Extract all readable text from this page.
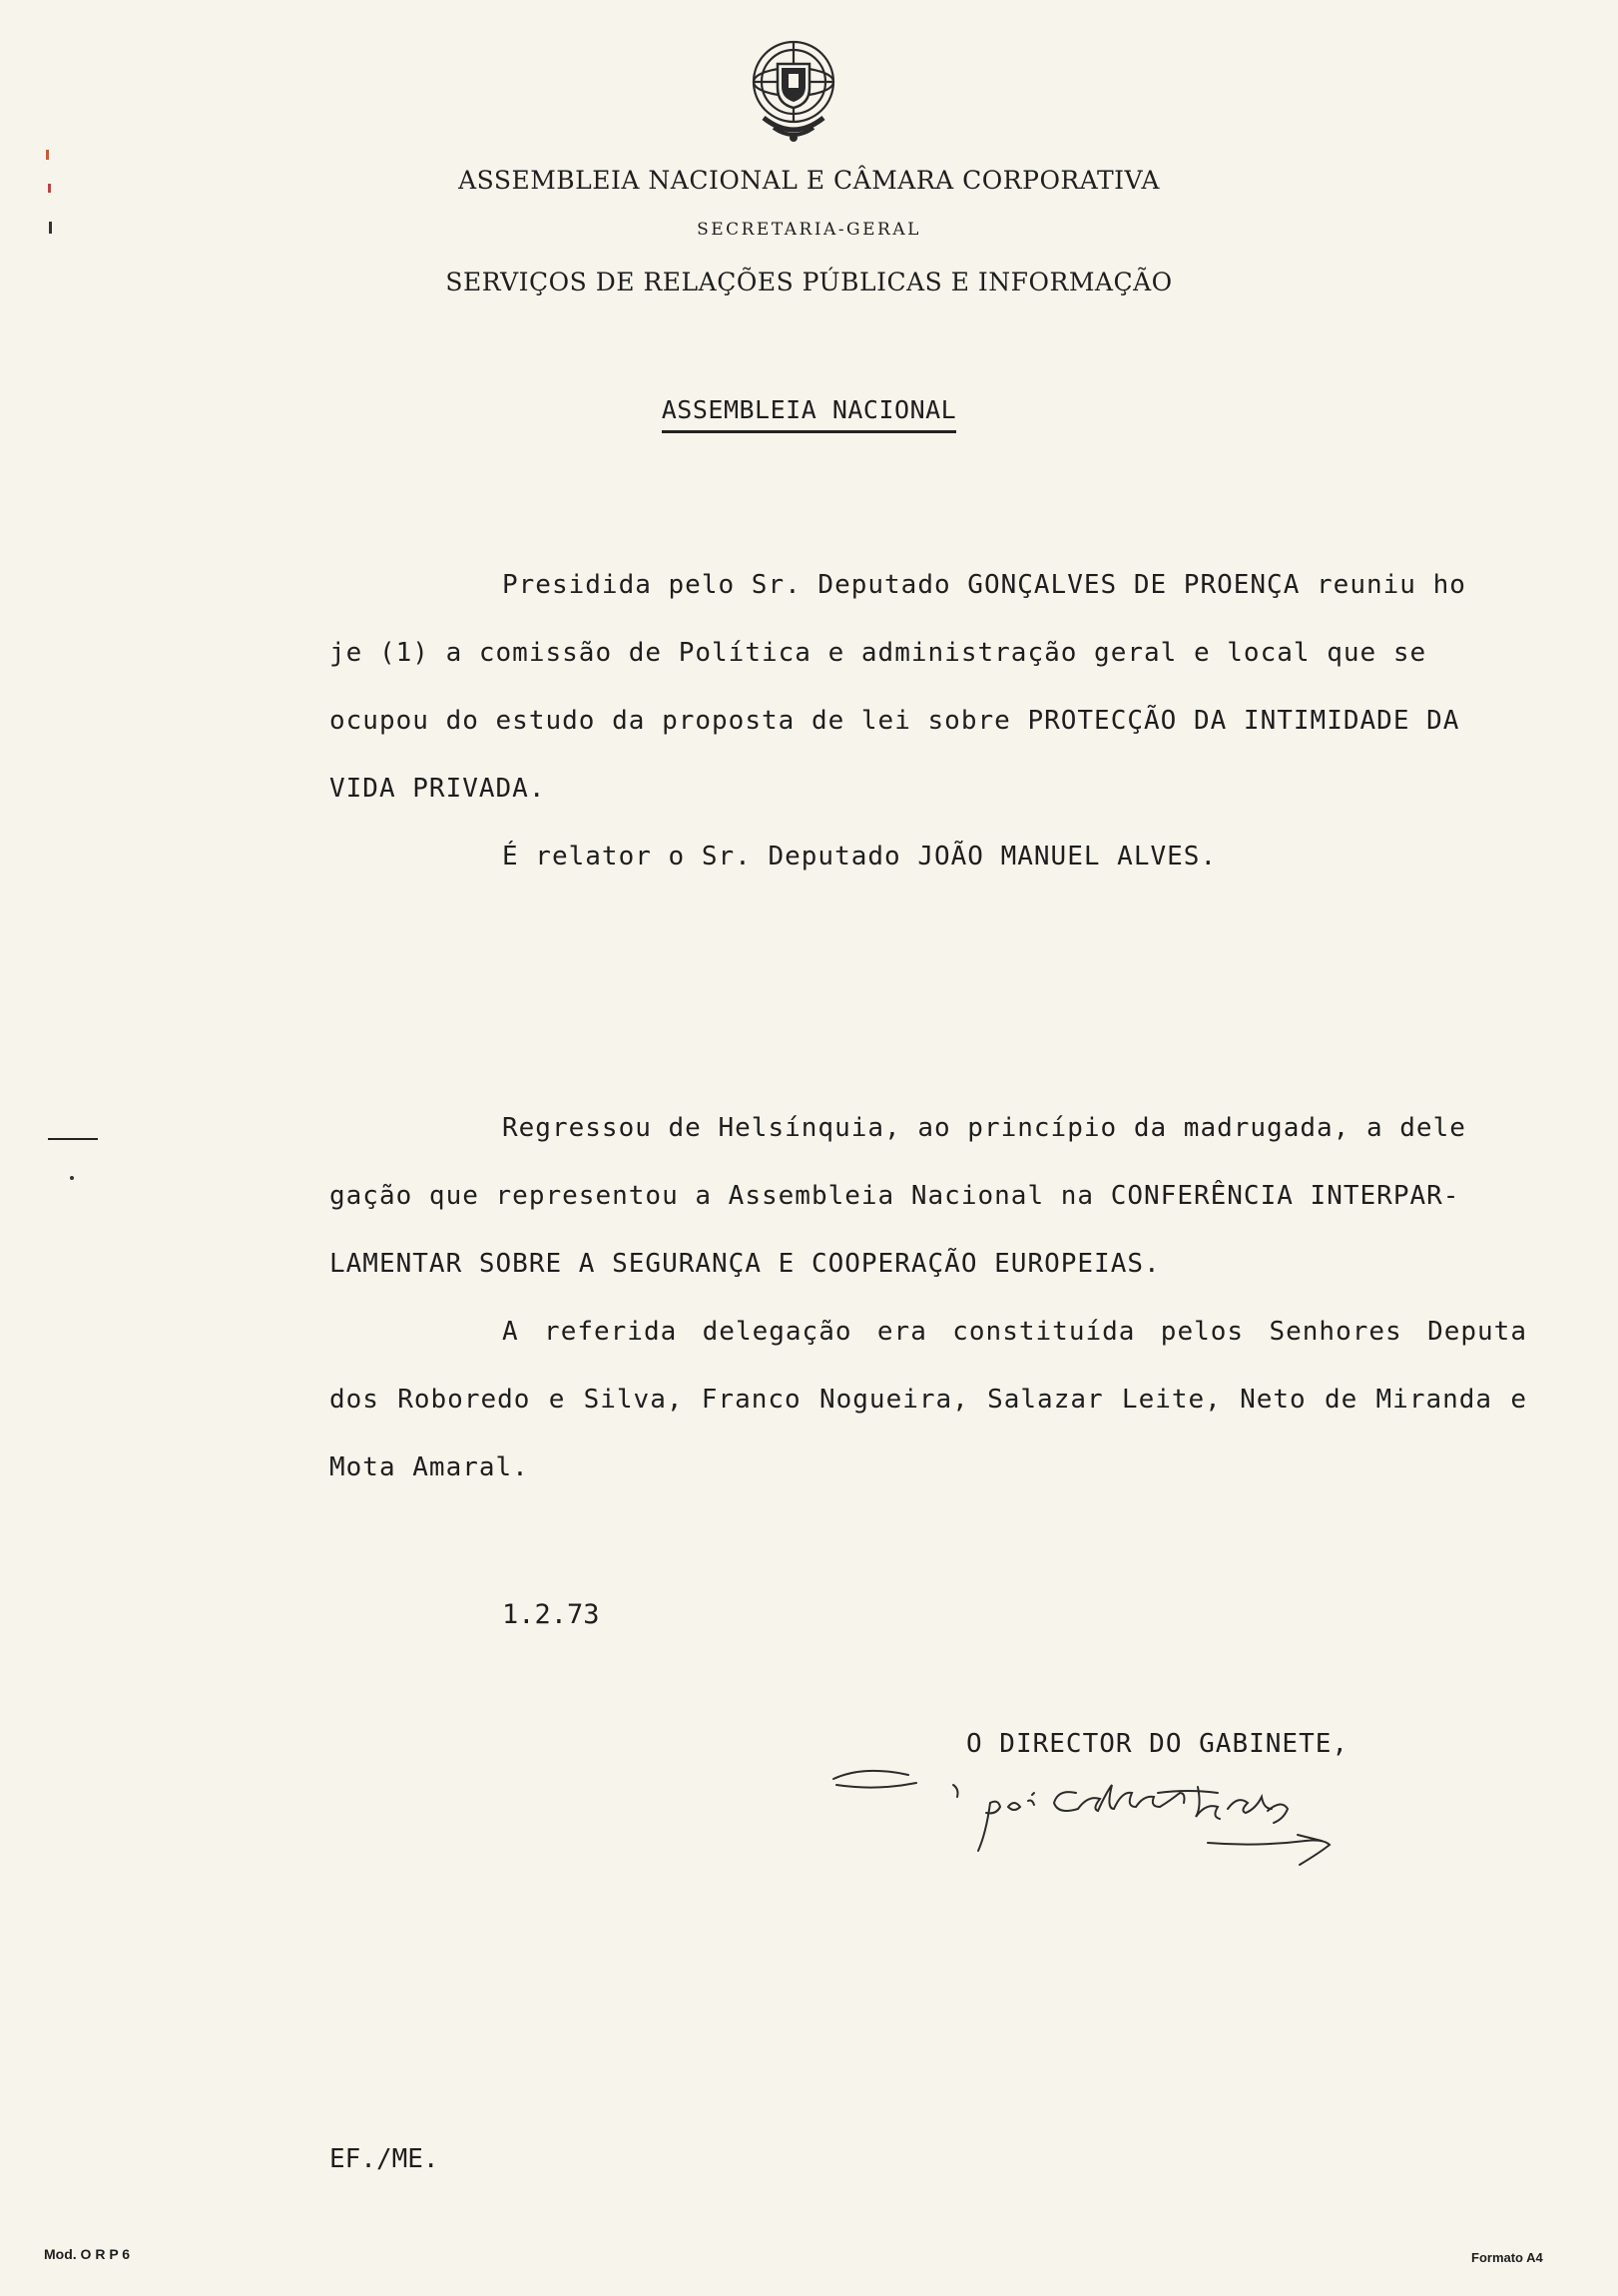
ASSEMBLEIA NACIONAL E CÂMARA CORPORATIVA
SECRETARIA-GERAL
SERVIÇOS DE RELAÇÕES PÚBLICAS E INFORMAÇÃO
ASSEMBLEIA NACIONAL
Presidida pelo Sr. Deputado GONÇALVES DE PROENÇA reuniu ho
je (1) a comissão de Política e administração geral e local que se
ocupou do estudo da proposta de lei sobre PROTECÇÃO DA INTIMIDADE DA
VIDA PRIVADA.
É relator o Sr. Deputado JOÃO MANUEL ALVES.
Regressou de Helsínquia, ao princípio da madrugada, a dele
gação que representou a Assembleia Nacional na CONFERÊNCIA INTERPAR-
LAMENTAR SOBRE A SEGURANÇA E COOPERAÇÃO EUROPEIAS.

A referida delegação era constituída pelos Senhores Deputa dos Roboredo e Silva, Franco Nogueira, Salazar Leite, Neto de Miranda e Mota Amaral.

1.2.73
O DIRECTOR DO GABINETE,
EF./ME.
Mod. O R P 6	Formato A4
